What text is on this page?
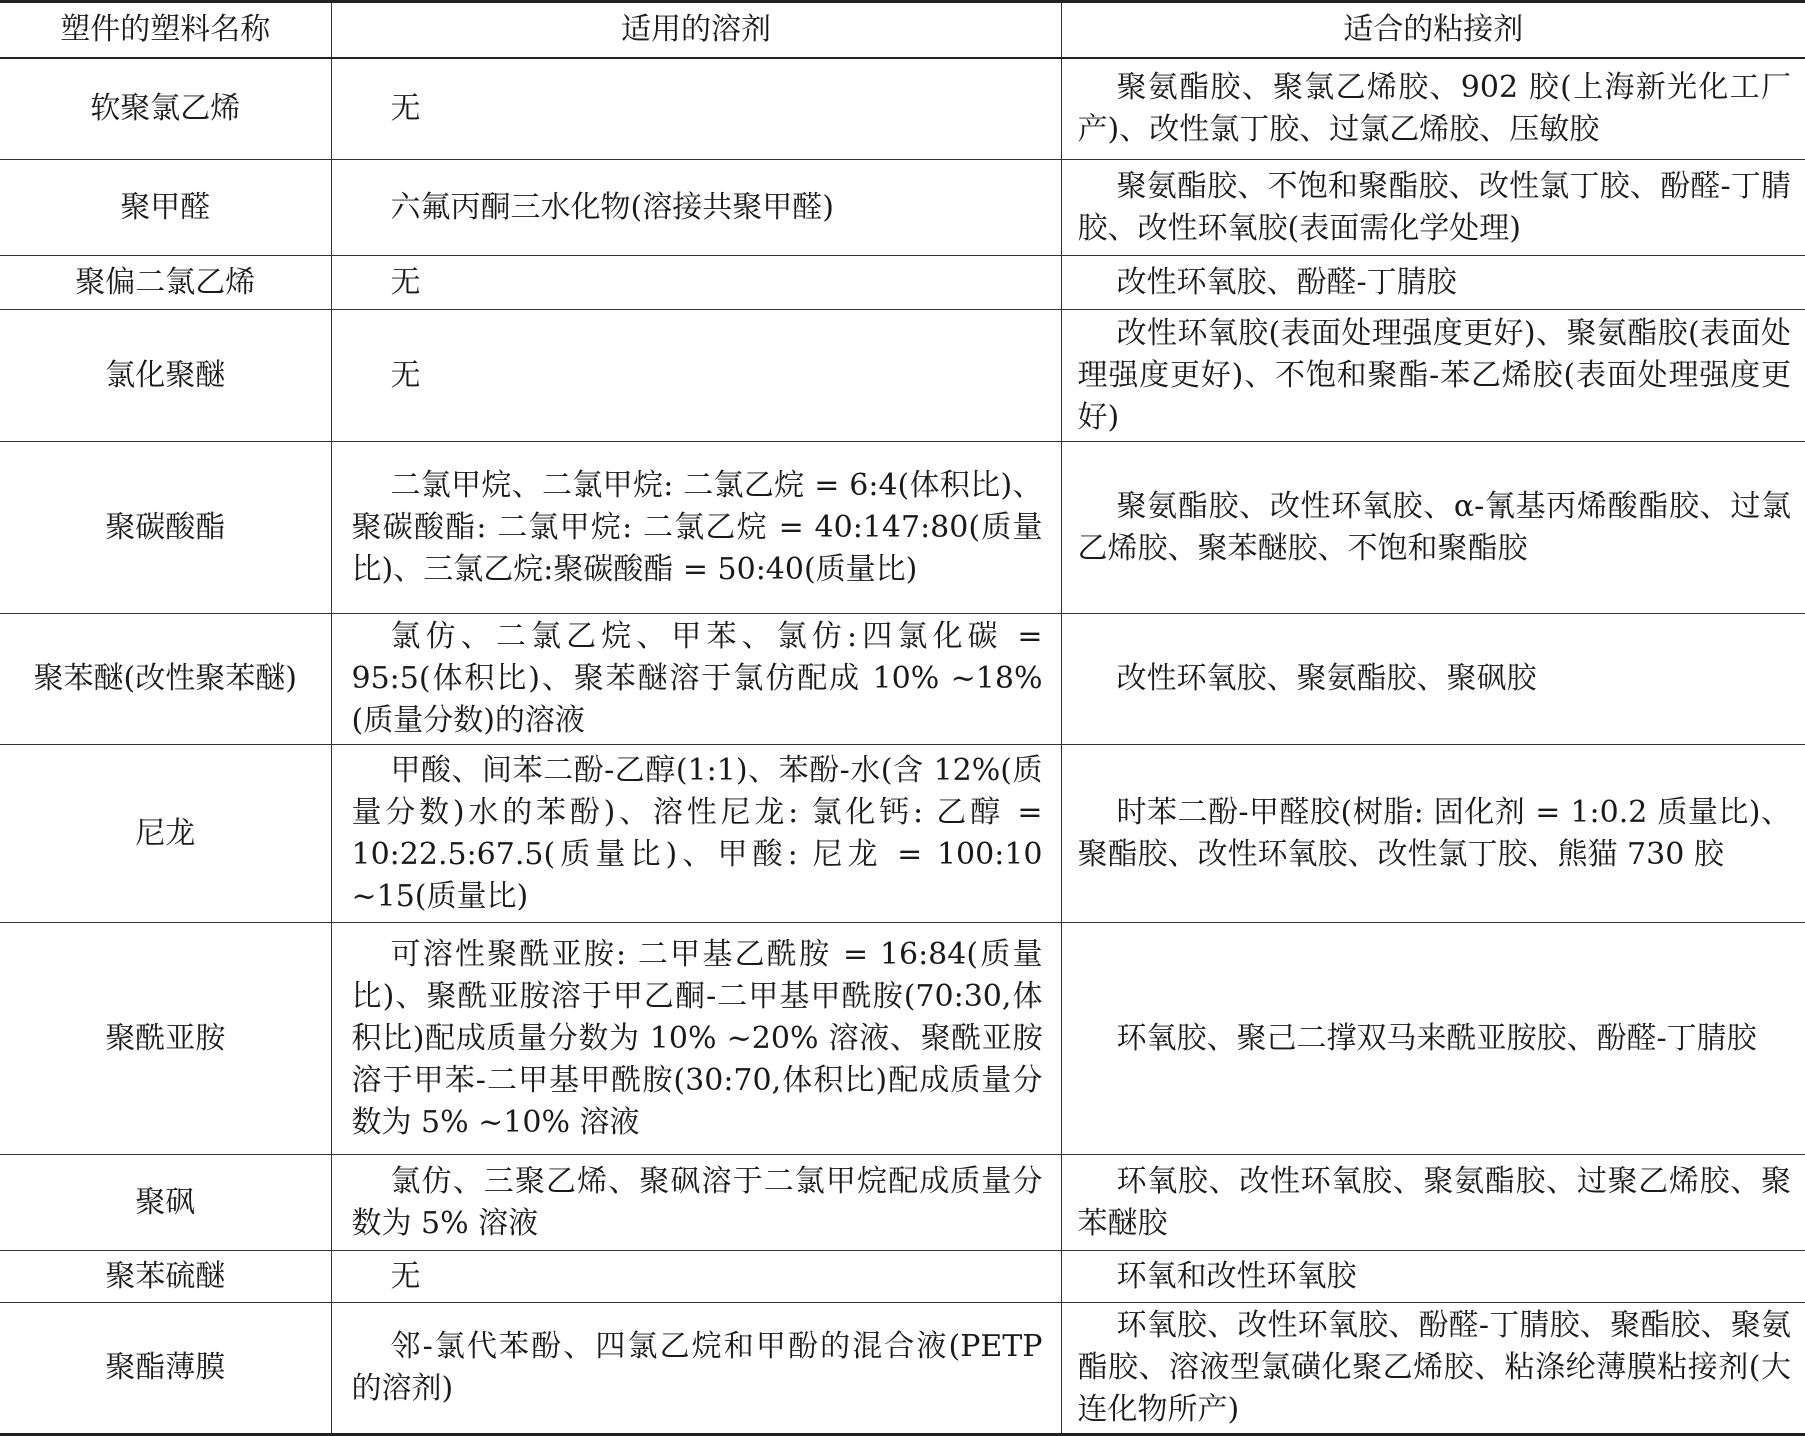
塑件的塑料名称	适用的溶剂	适合的粘接剂
软聚氯乙烯	无	聚氨酯胶、聚氯乙烯胶、902 胶(上海新光化工厂产)、改性氯丁胶、过氯乙烯胶、压敏胶
聚甲醛	六氟丙酮三水化物(溶接共聚甲醛)	聚氨酯胶、不饱和聚酯胶、改性氯丁胶、酚醛-丁腈胶、改性环氧胶(表面需化学处理)
聚偏二氯乙烯	无	改性环氧胶、酚醛-丁腈胶
氯化聚醚	无	改性环氧胶(表面处理强度更好)、聚氨酯胶(表面处理强度更好)、不饱和聚酯-苯乙烯胶(表面处理强度更好)
聚碳酸酯	二氯甲烷、二氯甲烷: 二氯乙烷 = 6:4(体积比)、聚碳酸酯: 二氯甲烷: 二氯乙烷 = 40:147:80(质量比)、三氯乙烷:聚碳酸酯 = 50:40(质量比)	聚氨酯胶、改性环氧胶、α-氰基丙烯酸酯胶、过氯乙烯胶、聚苯醚胶、不饱和聚酯胶
聚苯醚(改性聚苯醚)	氯仿、二氯乙烷、甲苯、氯仿:四氯化碳 = 95:5(体积比)、聚苯醚溶于氯仿配成 10% ~18%(质量分数)的溶液	改性环氧胶、聚氨酯胶、聚砜胶
尼龙	甲酸、间苯二酚-乙醇(1:1)、苯酚-水(含 12%(质量分数)水的苯酚)、溶性尼龙: 氯化钙: 乙醇 = 10:22.5:67.5(质量比)、甲酸: 尼龙 = 100:10 ~15(质量比)	时苯二酚-甲醛胶(树脂: 固化剂 = 1:0.2 质量比)、聚酯胶、改性环氧胶、改性氯丁胶、熊猫 730 胶
聚酰亚胺	可溶性聚酰亚胺: 二甲基乙酰胺 = 16:84(质量比)、聚酰亚胺溶于甲乙酮-二甲基甲酰胺(70:30,体积比)配成质量分数为 10% ~20% 溶液、聚酰亚胺溶于甲苯-二甲基甲酰胺(30:70,体积比)配成质量分数为 5% ~10% 溶液	环氧胶、聚己二撑双马来酰亚胺胶、酚醛-丁腈胶
聚砜	氯仿、三聚乙烯、聚砜溶于二氯甲烷配成质量分数为 5% 溶液	环氧胶、改性环氧胶、聚氨酯胶、过聚乙烯胶、聚苯醚胶
聚苯硫醚	无	环氧和改性环氧胶
聚酯薄膜	邻-氯代苯酚、四氯乙烷和甲酚的混合液(PETP 的溶剂)	环氧胶、改性环氧胶、酚醛-丁腈胶、聚酯胶、聚氨酯胶、溶液型氯磺化聚乙烯胶、粘涤纶薄膜粘接剂(大连化物所产)
